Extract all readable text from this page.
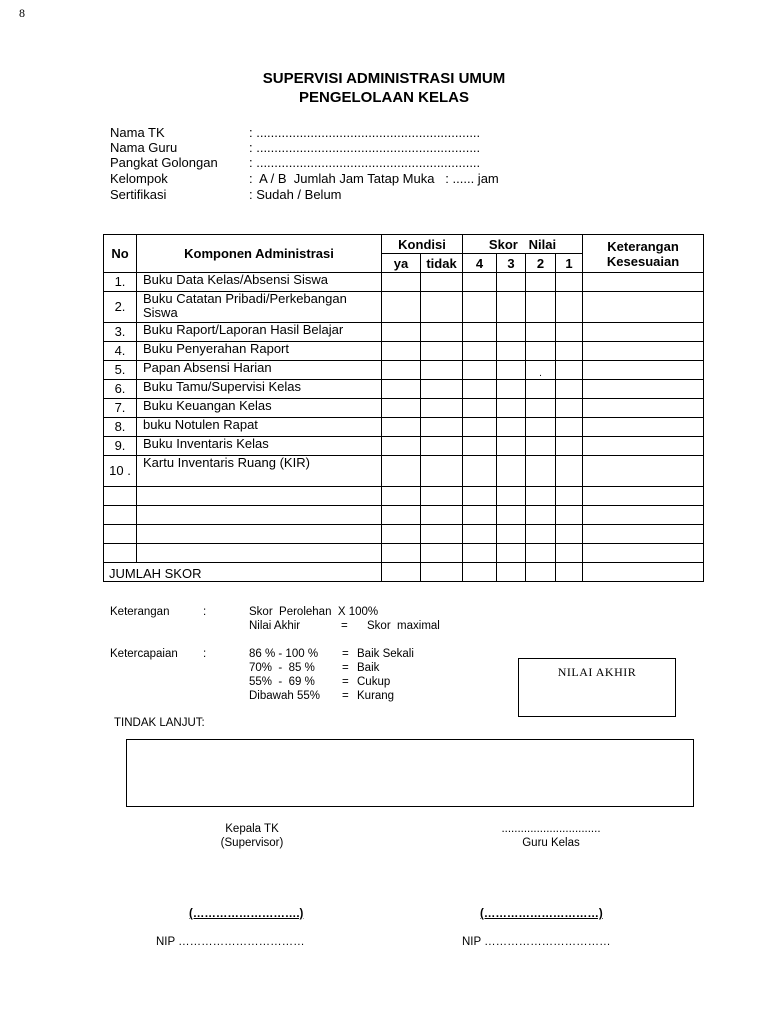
8
SUPERVISI ADMINISTRASI UMUM
PENGELOLAAN KELAS
Nama TK	: ..............................................................
Nama Guru	: ..............................................................
Pangkat Golongan : ..............................................................
Kelompok	:  A / B  Jumlah Jam Tatap Muka   : ...... jam
Sertifikasi	: Sudah / Belum
No	Komponen Administrasi	Kondisi		Skor   Nilai				Keterangan
Kesesuaian

		ya	tidak	4	3	2	1	
1.	Buku Data Kelas/Absensi Siswa							
2.	Buku Catatan Pribadi/Perkebangan Siswa							
3.	Buku Raport/Laporan Hasil Belajar							
4.	Buku Penyerahan Raport							
5.	Papan Absensi Harian					.		
6.	Buku Tamu/Supervisi Kelas							
7.	Buku Keuangan Kelas							
8.	buku Notulen Rapat							
9.	Buku Inventaris Kelas							
10 .	Kartu Inventaris Ruang (KIR)							

JUMLAH SKOR								
Keterangan	:	Skor  Perolehan  X 100%
Nilai Akhir	= Skor  maximal
Ketercapaian :	86 % - 100 % = Baik Sekali
70%  -  85 % = Baik
55%  -  69 % = Cukup
Dibawah 55% = Kurang
NILAI AKHIR
TINDAK LANJUT:
Kepala TK
(Supervisor)
...............................
Guru Kelas
(……………………….)	(…………………………)
NIP ……………………………	NIP ……………………………
